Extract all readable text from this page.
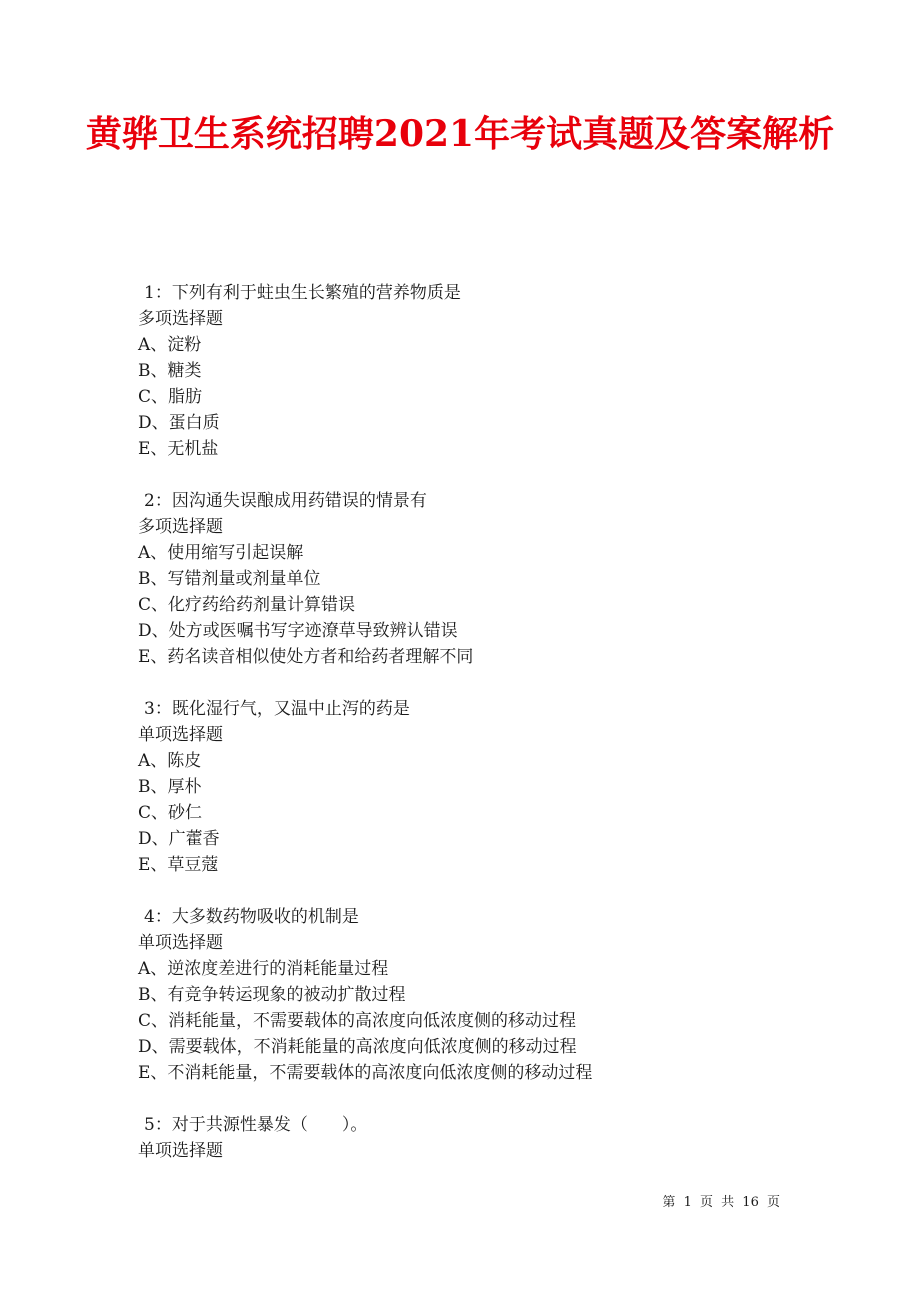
黄骅卫生系统招聘2021年考试真题及答案解析

1：下列有利于蛀虫生长繁殖的营养物质是

多项选择题

A、淀粉

B、糖类

C、脂肪

D、蛋白质

E、无机盐

2：因沟通失误酿成用药错误的情景有

多项选择题

A、使用缩写引起误解

B、写错剂量或剂量单位

C、化疗药给药剂量计算错误

D、处方或医嘱书写字迹潦草导致辨认错误

E、药名读音相似使处方者和给药者理解不同

3：既化湿行气，又温中止泻的药是

单项选择题

A、陈皮

B、厚朴

C、砂仁

D、广藿香

E、草豆蔻

4：大多数药物吸收的机制是

单项选择题

A、逆浓度差进行的消耗能量过程

B、有竞争转运现象的被动扩散过程

C、消耗能量，不需要载体的高浓度向低浓度侧的移动过程

D、需要载体，不消耗能量的高浓度向低浓度侧的移动过程

E、不消耗能量，不需要载体的高浓度向低浓度侧的移动过程

5：对于共源性暴发（　　）。

单项选择题

第 1 页 共 16 页
